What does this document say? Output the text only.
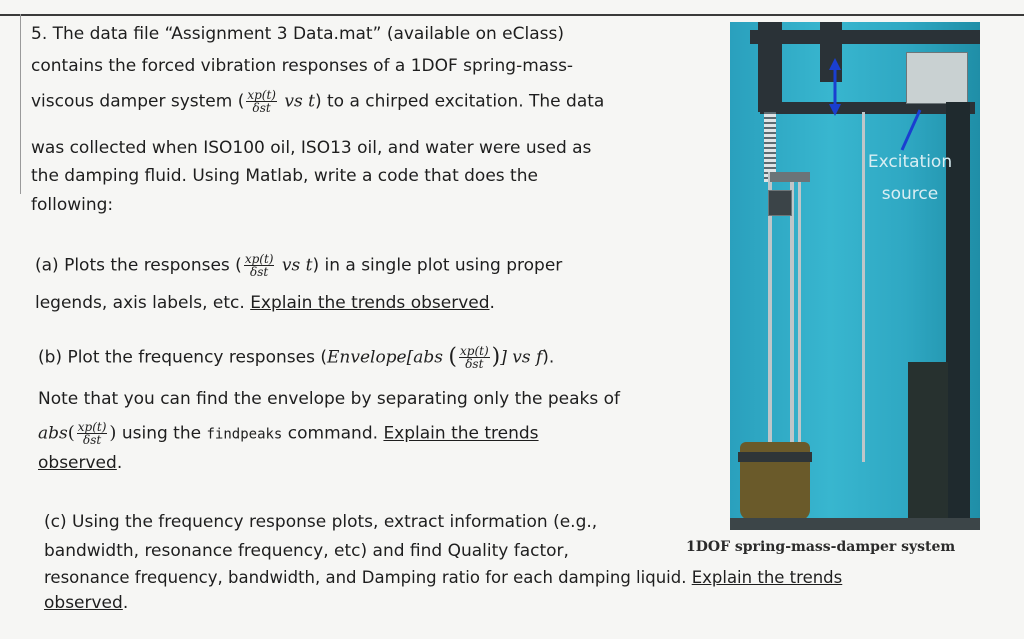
5. The data file “Assignment 3 Data.mat” (available on eClass)
contains the forced vibration responses of a 1DOF spring-mass-
viscous damper system ( $\frac{xp(t)}{\text{δst}}$ vs t) to a chirped excitation. The data
was collected when ISO100 oil, ISO13 oil, and water were used as
the damping fluid. Using Matlab, write a code that does the
following:
(a) Plots the responses ( $\frac{xp(t)}{\text{δst}}$ vs t) in a single plot using proper
legends, axis labels, etc. Explain the trends observed.
(b) Plot the frequency responses (Envelope[abs ( $\frac{xp(t)}{\text{δst}}$ )] vs f).
Note that you can find the envelope by separating only the peaks of
$abs( \frac{xp(t)}{\text{δst}}$ ) using the findpeaks command. Explain the trends
observed.
(c) Using the frequency response plots, extract information (e.g.,
bandwidth, resonance frequency, etc) and find Quality factor,
resonance frequency, bandwidth, and Damping ratio for each damping liquid. Explain the trends
observed.
Excitation
source
1DOF spring-mass-damper system
